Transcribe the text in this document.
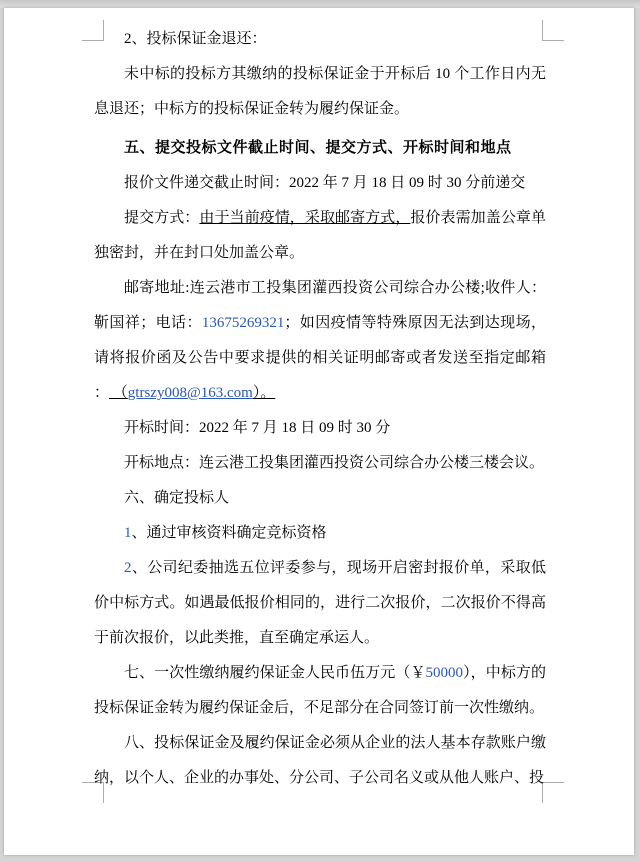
2、投标保证金退还：

未中标的投标方其缴纳的投标保证金于开标后 10 个工作日内无息退还；中标方的投标保证金转为履约保证金。

五、提交投标文件截止时间、提交方式、开标时间和地点

报价文件递交截止时间：2022 年 7 月 18 日 09 时 30 分前递交

提交方式：由于当前疫情，采取邮寄方式，报价表需加盖公章单独密封，并在封口处加盖公章。

邮寄地址:连云港市工投集团灌西投资公司综合办公楼;收件人：靳国祥；电话：13675269321；如因疫情等特殊原因无法到达现场，请将报价函及公告中要求提供的相关证明邮寄或者发送至指定邮箱 ： （gtrszy008@163.com）。

开标时间：2022 年 7 月 18 日 09 时 30 分

开标地点：连云港工投集团灌西投资公司综合办公楼三楼会议。

六、确定投标人

1、通过审核资料确定竞标资格

2、公司纪委抽选五位评委参与，现场开启密封报价单，采取低价中标方式。如遇最低报价相同的，进行二次报价，二次报价不得高于前次报价，以此类推，直至确定承运人。

七、一次性缴纳履约保证金人民币伍万元（￥50000），中标方的投标保证金转为履约保证金后，不足部分在合同签订前一次性缴纳。

八、投标保证金及履约保证金必须从企业的法人基本存款账户缴纳，以个人、企业的办事处、分公司、子公司名义或从他人账户、投
